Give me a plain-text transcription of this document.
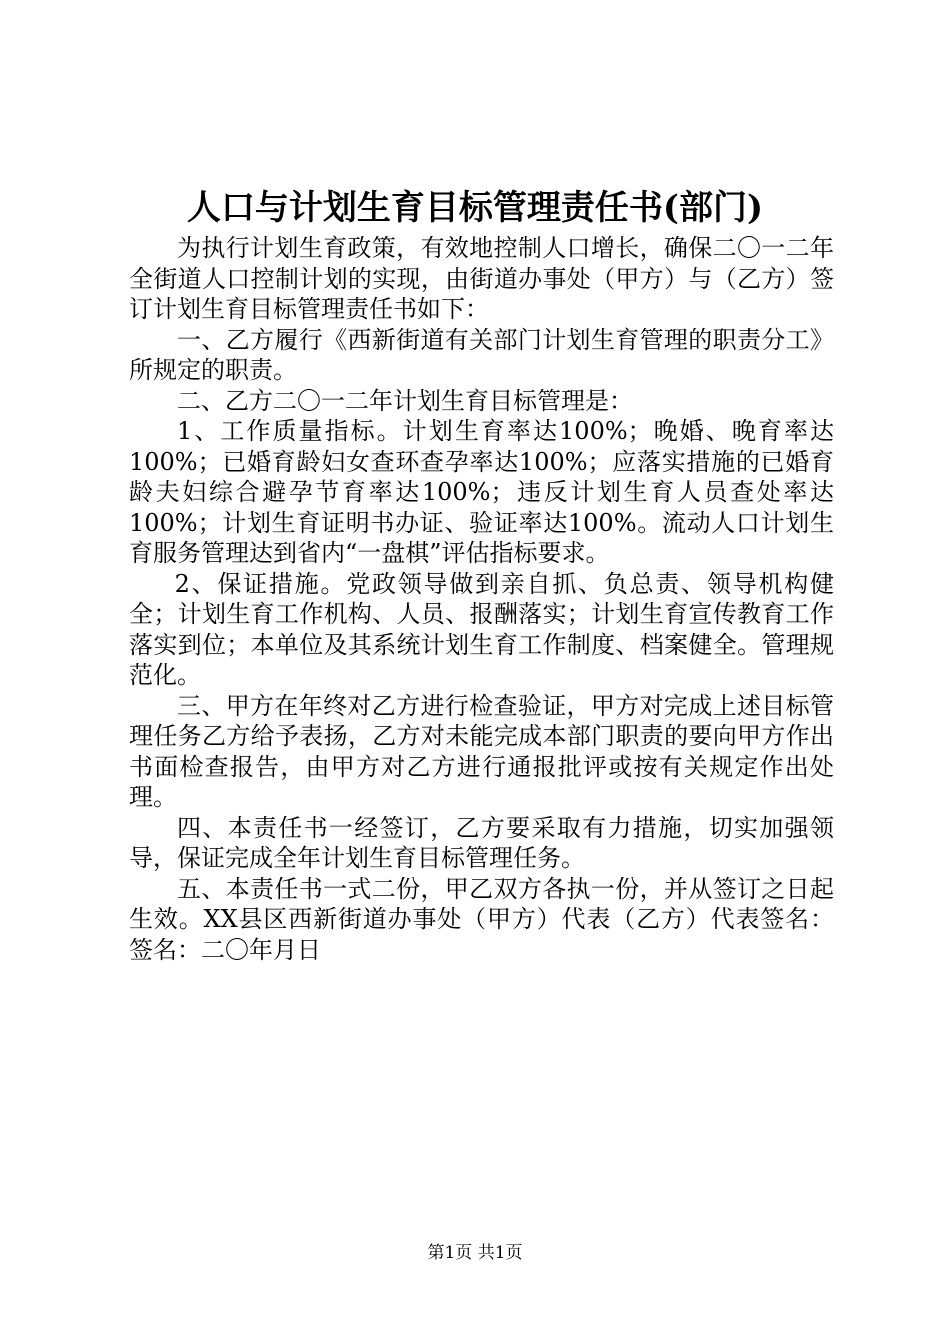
人口与计划生育目标管理责任书(部门)

为执行计划生育政策，有效地控制人口增长，确保二〇一二年全街道人口控制计划的实现，由街道办事处（甲方）与（乙方）签订计划生育目标管理责任书如下：

一、乙方履行《西新街道有关部门计划生育管理的职责分工》所规定的职责。

二、乙方二〇一二年计划生育目标管理是：

1、工作质量指标。计划生育率达100%；晚婚、晚育率达100%；已婚育龄妇女查环查孕率达100%；应落实措施的已婚育龄夫妇综合避孕节育率达100%；违反计划生育人员查处率达100%；计划生育证明书办证、验证率达100%。流动人口计划生育服务管理达到省内“一盘棋”评估指标要求。

2、保证措施。党政领导做到亲自抓、负总责、领导机构健全；计划生育工作机构、人员、报酬落实；计划生育宣传教育工作落实到位；本单位及其系统计划生育工作制度、档案健全。管理规范化。

三、甲方在年终对乙方进行检查验证，甲方对完成上述目标管理任务乙方给予表扬，乙方对未能完成本部门职责的要向甲方作出书面检查报告，由甲方对乙方进行通报批评或按有关规定作出处理。

四、本责任书一经签订，乙方要采取有力措施，切实加强领导，保证完成全年计划生育目标管理任务。

五、本责任书一式二份，甲乙双方各执一份，并从签订之日起生效。XX县区西新街道办事处（甲方）代表（乙方）代表签名：签名：二〇年月日

第1页 共1页
